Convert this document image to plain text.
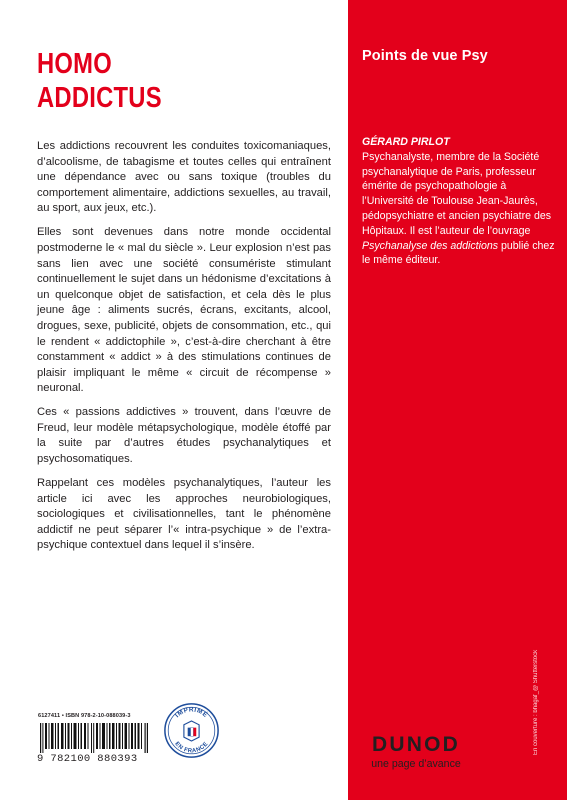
HOMO
ADDICTUS

Les addictions recouvrent les conduites toxicomaniaques, d’alcoolisme, de tabagisme et toutes celles qui entraînent une dépendance avec ou sans toxique (troubles du comportement alimentaire, addictions sexuelles, au travail, au sport, aux jeux, etc.).

Elles sont devenues dans notre monde occidental postmoderne le « mal du siècle ». Leur explosion n’est pas sans lien avec une société consumériste stimulant continuellement le sujet dans un hédonisme d’excitations à un quelconque objet de satisfaction, et cela dès le plus jeune âge : aliments sucrés, écrans, excitants, alcool, drogues, sexe, publicité, objets de consommation, etc., qui le rendent « addictophile », c’est-à-dire cherchant à être constamment « addict » à des stimulations continues de plaisir impliquant le même « circuit de récompense » neuronal.

Ces « passions addictives » trouvent, dans l’œuvre de Freud, leur modèle métapsychologique, modèle étoffé par la suite par d’autres études psychanalytiques et psychosomatiques.

Rappelant ces modèles psychanalytiques, l’auteur les article ici avec les approches neurobiologiques, sociologiques et civilisationnelles, tant le phénomène addictif ne peut séparer l’« intra-psychique » de l’extra-psychique contextuel dans lequel il s’insère.

6127411 • ISBN 978-2-10-088039-3
9 782100 880393
IMPRIMÉ
EN FRANCE
Points de vue Psy
GÉRARD PIRLOT
Psychanalyste, membre de la Société psychanalytique de Paris, professeur émérite de psychopathologie à l’Université de Toulouse Jean-Jaurès, pédopsychiatre et ancien psychiatre des Hôpitaux. Il est l’auteur de l’ouvrage Psychanalyse des addictions publié chez le même éditeur.
En couverture : bhagaf_@ Shutterstock
DUNOD
une page d’avance
